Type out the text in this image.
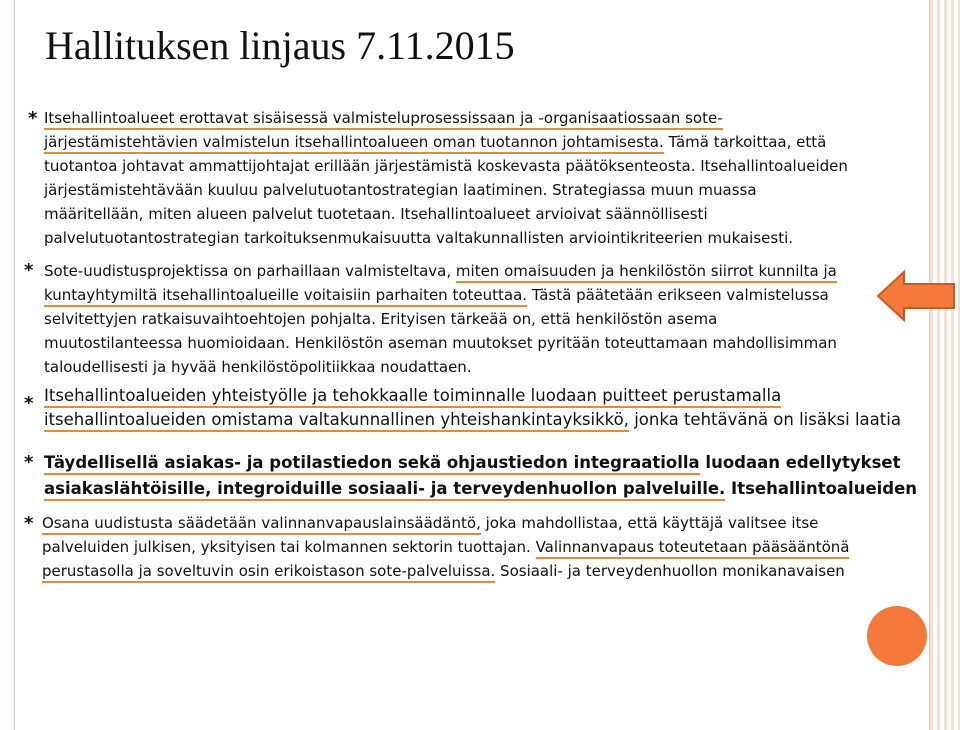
Hallituksen linjaus 7.11.2015
*
*
*
*
*
Itsehallintoalueet erottavat sisäisessä valmisteluprosessissaan ja -organisaatiossaan sote-
järjestämistehtävien valmistelun itsehallintoalueen oman tuotannon johtamisesta. Tämä tarkoittaa, että
tuotantoa johtavat ammattijohtajat erillään järjestämistä koskevasta päätöksenteosta. Itsehallintoalueiden
järjestämistehtävään kuuluu palvelutuotantostrategian laatiminen. Strategiassa muun muassa
määritellään, miten alueen palvelut tuotetaan. Itsehallintoalueet arvioivat säännöllisesti
palvelutuotantostrategian tarkoituksenmukaisuutta valtakunnallisten arviointikriteerien mukaisesti.
Sote-uudistusprojektissa on parhaillaan valmisteltava, miten omaisuuden ja henkilöstön siirrot kunnilta ja
kuntayhtymiltä itsehallintoalueille voitaisiin parhaiten toteuttaa. Tästä päätetään erikseen valmistelussa
selvitettyjen ratkaisuvaihtoehtojen pohjalta. Erityisen tärkeää on, että henkilöstön asema
muutostilanteessa huomioidaan. Henkilöstön aseman muutokset pyritään toteuttamaan mahdollisimman
taloudellisesti ja hyvää henkilöstöpolitiikkaa noudattaen.
Itsehallintoalueiden yhteistyölle ja tehokkaalle toiminnalle luodaan puitteet perustamalla
itsehallintoalueiden omistama valtakunnallinen yhteishankintayksikkö, jonka tehtävänä on lisäksi laatia
Täydellisellä asiakas- ja potilastiedon sekä ohjaustiedon integraatiolla luodaan edellytykset
asiakaslähtöisille, integroiduille sosiaali- ja terveydenhuollon palveluille. Itsehallintoalueiden
Osana uudistusta säädetään valinnanvapauslainsäädäntö, joka mahdollistaa, että käyttäjä valitsee itse
palveluiden julkisen, yksityisen tai kolmannen sektorin tuottajan. Valinnanvapaus toteutetaan pääsääntönä
perustasolla ja soveltuvin osin erikoistason sote-palveluissa. Sosiaali- ja terveydenhuollon monikanavaisen
